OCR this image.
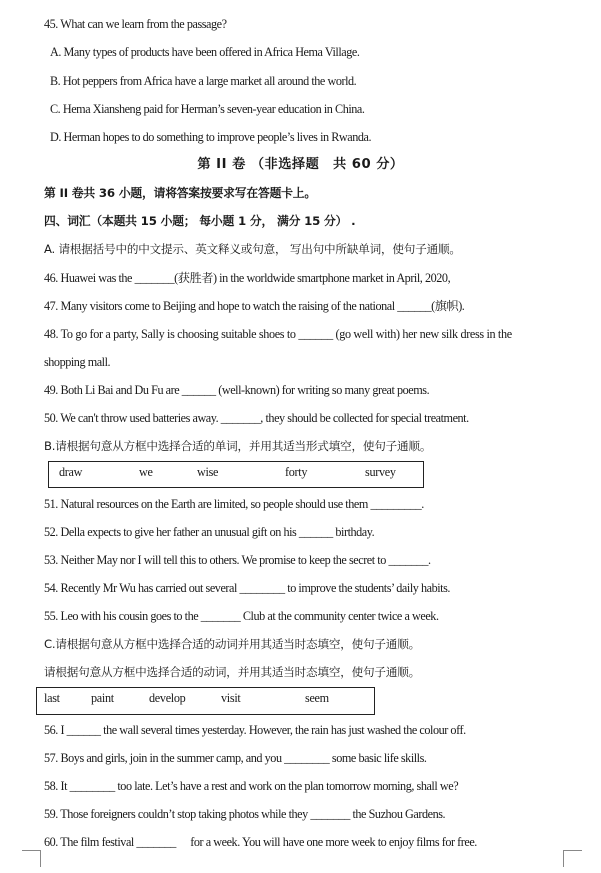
45. What can we learn from the passage?
A. Many types of products have been offered in Africa Hema Village.
B. Hot peppers from Africa have a large market all around the world.
C. Hema Xiansheng paid for Herman’s seven-year education in China.
D. Herman hopes to do something to improve people’s lives in Rwanda.
第 II 卷 （非选择题　共 60 分）
第 II 卷共 36 小题，请将答案按要求写在答题卡上。
四、词汇（本题共 15 小题； 每小题 1 分， 满分 15 分） .
A. 请根据括号中的中文提示、英文释义或句意， 写出句中所缺单词，使句子通顺。
46. Huawei was the _______(获胜者) in the worldwide smartphone market in April, 2020,
47. Many visitors come to Beijing and hope to watch the raising of the national ______(旗帜).
48. To go for a party, Sally is choosing suitable shoes to ______ (go well with) her new silk dress in the
shopping mall.
49. Both Li Bai and Du Fu are ______ (well-known) for writing so many great poems.
50. We can't throw used batteries away. _______, they should be collected for special treatment.
B.请根据句意从方框中选择合适的单词，并用其适当形式填空，使句子通顺。
draw	we	wise	forty	survey
51. Natural resources on the Earth are limited, so people should use them _________.
52. Della expects to give her father an unusual gift on his ______ birthday.
53. Neither May nor I will tell this to others. We promise to keep the secret to _______.
54. Recently Mr Wu has carried out several ________ to improve the students’ daily habits.
55. Leo with his cousin goes to the _______ Club at the community center twice a week.
C.请根据句意从方框中选择合适的动词并用其适当时态填空，使句子通顺。
请根据句意从方框中选择合适的动词，并用其适当时态填空，使句子通顺。
last	paint	develop	visit	seem
56. I ______ the wall several times yesterday. However, the rain has just washed the colour off.
57. Boys and girls, join in the summer camp, and you ________ some basic life skills.
58. It ________ too late. Let’s have a rest and work on the plan tomorrow morning, shall we?
59. Those foreigners couldn’t stop taking photos while they _______ the Suzhou Gardens.
60. The film festival _______ 　for a week. You will have one more week to enjoy films for free.
